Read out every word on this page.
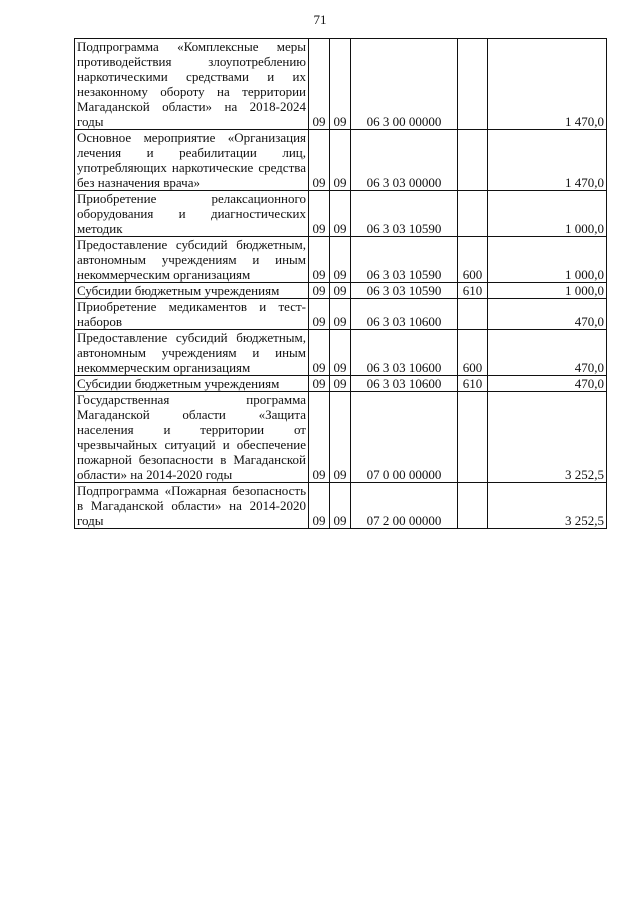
71
Подпрограмма «Комплексные меры противодействия злоупотреблению наркотическими средствами и их незаконному обороту на территории Магаданской области» на 2018-2024 годы	09	09	06 3 00 00000		1 470,0
Основное мероприятие «Организация лечения и реабилитации лиц, употребляющих наркотические средства без назначения врача»	09	09	06 3 03 00000		1 470,0
Приобретение релаксационного оборудования и диагностических методик	09	09	06 3 03 10590		1 000,0
Предоставление субсидий бюджетным, автономным учреждениям и иным некоммерческим организациям	09	09	06 3 03 10590	600	1 000,0
Субсидии бюджетным учреждениям	09	09	06 3 03 10590	610	1 000,0
Приобретение медикаментов и тест-наборов	09	09	06 3 03 10600		470,0
Предоставление субсидий бюджетным, автономным учреждениям и иным некоммерческим организациям	09	09	06 3 03 10600	600	470,0
Субсидии бюджетным учреждениям	09	09	06 3 03 10600	610	470,0
Государственная программа Магаданской области «Защита населения и территории от чрезвычайных ситуаций и обеспечение пожарной безопасности в Магаданской области» на 2014-2020 годы	09	09	07 0 00 00000		3 252,5
Подпрограмма «Пожарная безопасность в Магаданской области» на 2014-2020 годы	09	09	07 2 00 00000		3 252,5
